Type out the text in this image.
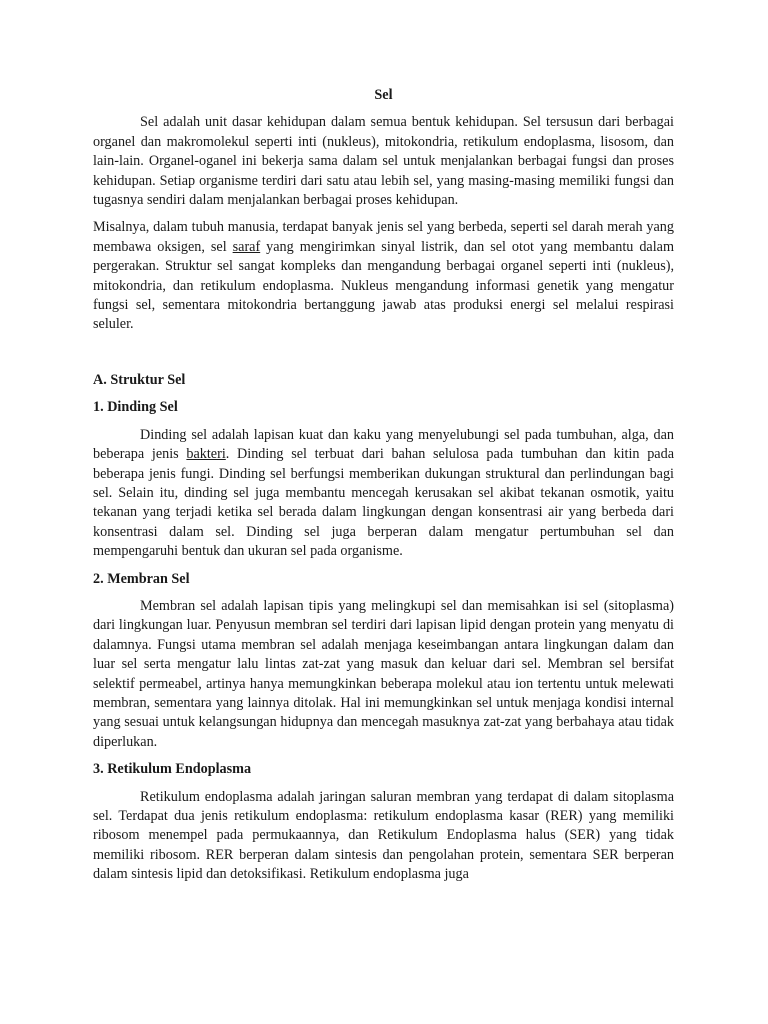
Sel

Sel adalah unit dasar kehidupan dalam semua bentuk kehidupan. Sel tersusun dari berbagai organel dan makromolekul seperti inti (nukleus), mitokondria, retikulum endoplasma, lisosom, dan lain-lain. Organel-oganel ini bekerja sama dalam sel untuk menjalankan berbagai fungsi dan proses kehidupan. Setiap organisme terdiri dari satu atau lebih sel, yang masing-masing memiliki fungsi dan tugasnya sendiri dalam menjalankan berbagai proses kehidupan.

Misalnya, dalam tubuh manusia, terdapat banyak jenis sel yang berbeda, seperti sel darah merah yang membawa oksigen, sel saraf yang mengirimkan sinyal listrik, dan sel otot yang membantu dalam pergerakan. Struktur sel sangat kompleks dan mengandung berbagai organel seperti inti (nukleus), mitokondria, dan retikulum endoplasma. Nukleus mengandung informasi genetik yang mengatur fungsi sel, sementara mitokondria bertanggung jawab atas produksi energi sel melalui respirasi seluler.

A. Struktur Sel
1. Dinding Sel

Dinding sel adalah lapisan kuat dan kaku yang menyelubungi sel pada tumbuhan, alga, dan beberapa jenis bakteri. Dinding sel terbuat dari bahan selulosa pada tumbuhan dan kitin pada beberapa jenis fungi. Dinding sel berfungsi memberikan dukungan struktural dan perlindungan bagi sel. Selain itu, dinding sel juga membantu mencegah kerusakan sel akibat tekanan osmotik, yaitu tekanan yang terjadi ketika sel berada dalam lingkungan dengan konsentrasi air yang berbeda dari konsentrasi dalam sel. Dinding sel juga berperan dalam mengatur pertumbuhan sel dan mempengaruhi bentuk dan ukuran sel pada organisme.

2. Membran Sel

Membran sel adalah lapisan tipis yang melingkupi sel dan memisahkan isi sel (sitoplasma) dari lingkungan luar. Penyusun membran sel terdiri dari lapisan lipid dengan protein yang menyatu di dalamnya. Fungsi utama membran sel adalah menjaga keseimbangan antara lingkungan dalam dan luar sel serta mengatur lalu lintas zat-zat yang masuk dan keluar dari sel. Membran sel bersifat selektif permeabel, artinya hanya memungkinkan beberapa molekul atau ion tertentu untuk melewati membran, sementara yang lainnya ditolak. Hal ini memungkinkan sel untuk menjaga kondisi internal yang sesuai untuk kelangsungan hidupnya dan mencegah masuknya zat-zat yang berbahaya atau tidak diperlukan.

3. Retikulum Endoplasma

Retikulum endoplasma adalah jaringan saluran membran yang terdapat di dalam sitoplasma sel. Terdapat dua jenis retikulum endoplasma: retikulum endoplasma kasar (RER) yang memiliki ribosom menempel pada permukaannya, dan Retikulum Endoplasma halus (SER) yang tidak memiliki ribosom. RER berperan dalam sintesis dan pengolahan protein, sementara SER berperan dalam sintesis lipid dan detoksifikasi. Retikulum endoplasma juga
